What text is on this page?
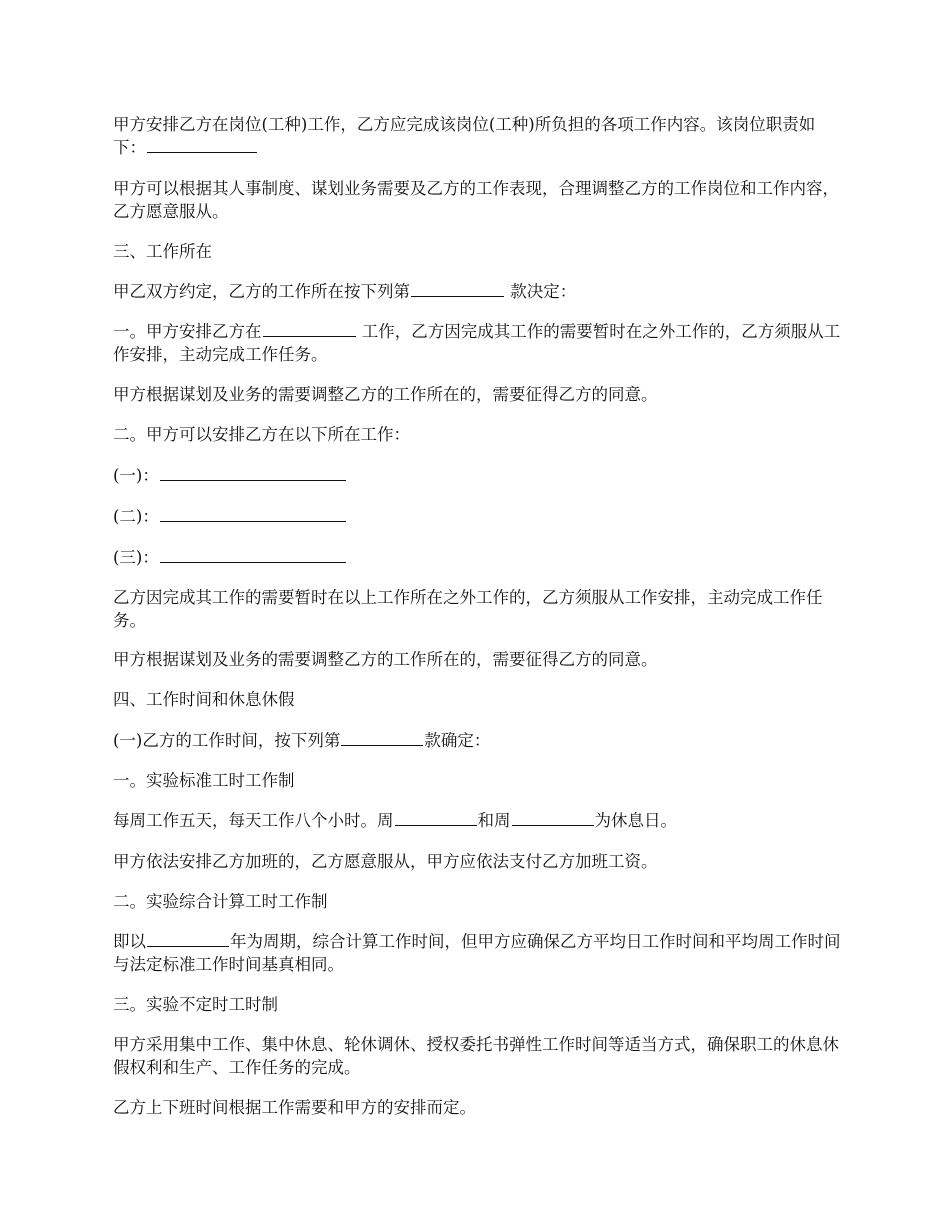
甲方安排乙方在岗位(工种)工作，乙方应完成该岗位(工种)所负担的各项工作内容。该岗位职责如下：

甲方可以根据其人事制度、谋划业务需要及乙方的工作表现，合理调整乙方的工作岗位和工作内容，乙方愿意服从。

三、工作所在

甲乙双方约定，乙方的工作所在按下列第	款决定：

一。甲方安排乙方在	工作，乙方因完成其工作的需要暂时在之外工作的，乙方须服从工作安排，主动完成工作任务。

甲方根据谋划及业务的需要调整乙方的工作所在的，需要征得乙方的同意。

二。甲方可以安排乙方在以下所在工作：

(一)：

(二)：

(三)：

乙方因完成其工作的需要暂时在以上工作所在之外工作的，乙方须服从工作安排，主动完成工作任务。

甲方根据谋划及业务的需要调整乙方的工作所在的，需要征得乙方的同意。

四、工作时间和休息休假

(一)乙方的工作时间，按下列第	款确定：

一。实验标准工时工作制

每周工作五天，每天工作八个小时。周	和周	为休息日。

甲方依法安排乙方加班的，乙方愿意服从，甲方应依法支付乙方加班工资。

二。实验综合计算工时工作制

即以	年为周期，综合计算工作时间，但甲方应确保乙方平均日工作时间和平均周工作时间与法定标准工作时间基真相同。

三。实验不定时工时制

甲方采用集中工作、集中休息、轮休调休、授权委托书弹性工作时间等适当方式，确保职工的休息休假权利和生产、工作任务的完成。

乙方上下班时间根据工作需要和甲方的安排而定。
